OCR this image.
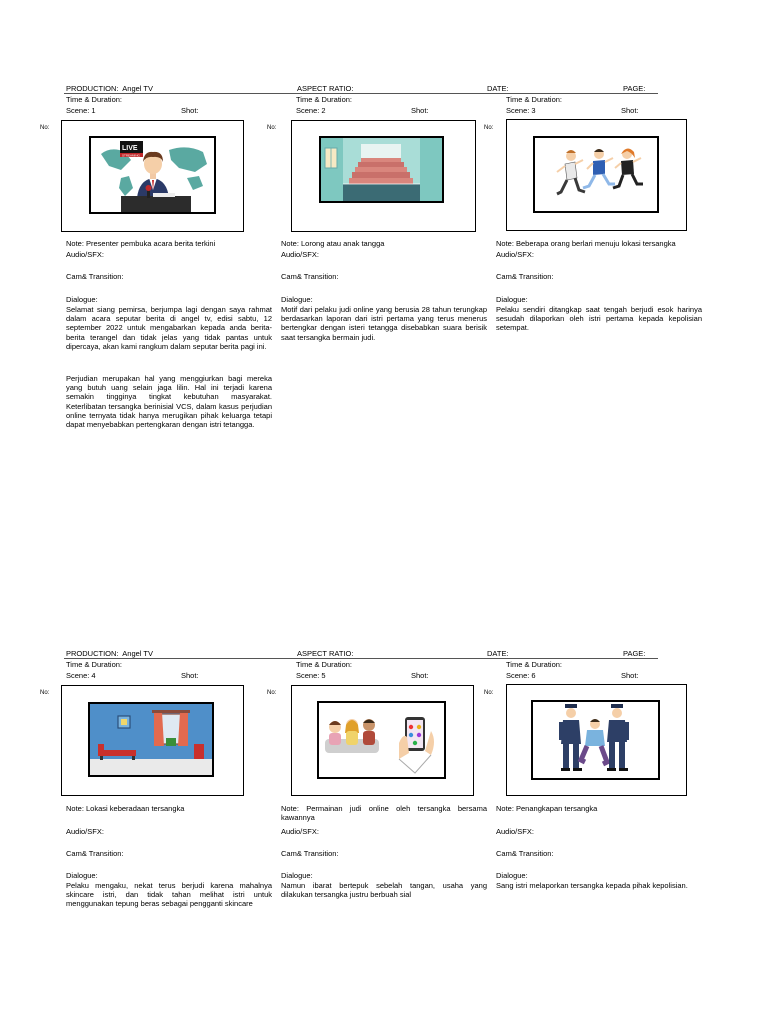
PRODUCTION: Angel TV	ASPECT RATIO:	DATE:	PAGE:
Time & Duration:
Scene: 1	Shot:
Time & Duration:
Scene: 2	Shot:
Time & Duration:
Scene: 3	Shot:
No:	No:	No:
LIVE
STREAMING
Note: Presenter pembuka acara berita terkini
Audio/SFX:
Cam& Transition:
Dialogue:
Selamat siang pemirsa, berjumpa lagi dengan saya rahmat dalam acara seputar berita di angel tv, edisi sabtu, 12 september 2022 untuk mengabarkan kepada anda berita- berita terangel dan tidak jelas yang tidak pantas untuk dipercaya, akan kami rangkum dalam seputar berita pagi ini.
Perjudian merupakan hal yang menggiurkan bagi mereka yang butuh uang selain jaga lilin. Hal ini terjadi karena semakin tingginya tingkat kebutuhan masyarakat. Keterlibatan tersangka berinisial VCS, dalam kasus perjudian online ternyata tidak hanya merugikan pihak keluarga tetapi dapat menyebabkan pertengkaran dengan istri tetangga.
Note: Lorong atau anak tangga
Audio/SFX:
Cam& Transition:
Dialogue:
Motif dari pelaku judi online yang berusia 28 tahun terungkap berdasarkan laporan dari istri pertama yang terus menerus bertengkar dengan isteri tetangga disebabkan suara berisik saat tersangka bermain judi.
Note: Beberapa orang berlari menuju lokasi tersangka
Audio/SFX:
Cam& Transition:
Dialogue:
Pelaku sendiri ditangkap saat tengah berjudi esok harinya sesudah dilaporkan oleh istri pertama kepada kepolisian setempat.
PRODUCTION: Angel TV	ASPECT RATIO:	DATE:	PAGE:
Time & Duration:
Scene: 4	Shot:
Time & Duration:
Scene: 5	Shot:
Time & Duration:
Scene: 6	Shot:
No:	No:	No:
Note: Lokasi keberadaan tersangka
Audio/SFX:
Cam& Transition:
Dialogue:
Pelaku mengaku, nekat terus berjudi karena mahalnya skincare istri, dan tidak tahan melihat istri untuk menggunakan tepung beras sebagai pengganti skincare
Note: Permainan judi online oleh tersangka bersama kawannya
Audio/SFX:
Cam& Transition:
Dialogue:
Namun ibarat bertepuk sebelah tangan, usaha yang dilakukan tersangka justru berbuah sial
Note: Penangkapan tersangka
Audio/SFX:
Cam& Transition:
Dialogue:
Sang istri melaporkan tersangka kepada pihak kepolisian.
